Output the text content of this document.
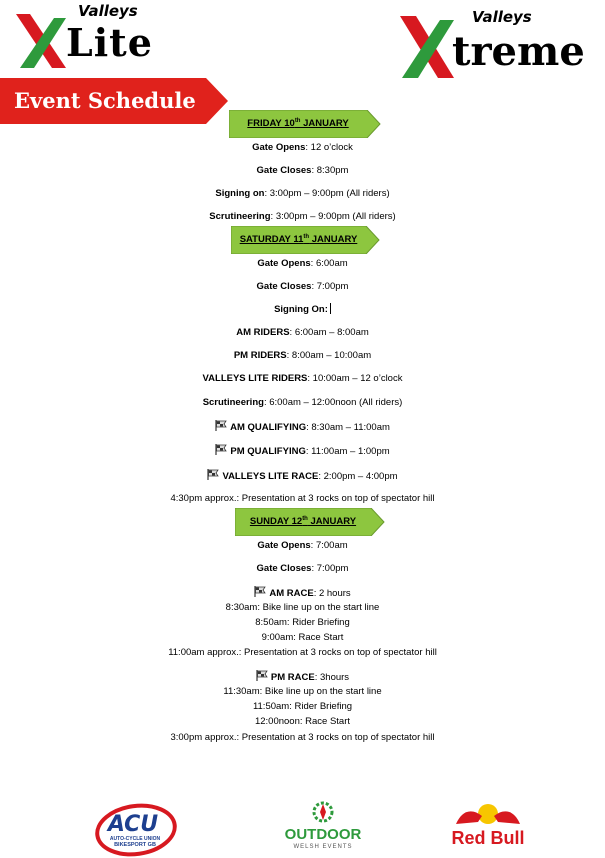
Valleys
Lite
Valleys
treme
Event Schedule
FRIDAY 10th JANUARY
Gate Opens: 12 o’clock
Gate Closes: 8:30pm
Signing on: 3:00pm – 9:00pm (All riders)
Scrutineering: 3:00pm – 9:00pm (All riders)
SATURDAY 11th JANUARY
Gate Opens: 6:00am
Gate Closes: 7:00pm
Signing On:
AM RIDERS: 6:00am – 8:00am
PM RIDERS: 8:00am – 10:00am
VALLEYS LITE RIDERS: 10:00am – 12 o’clock
Scrutineering: 6:00am – 12:00noon (All riders)
AM QUALIFYING: 8:30am – 11:00am
PM QUALIFYING: 11:00am – 1:00pm
VALLEYS LITE RACE: 2:00pm – 4:00pm
4:30pm approx.: Presentation at 3 rocks on top of spectator hill
SUNDAY 12th JANUARY
Gate Opens: 7:00am
Gate Closes: 7:00pm
AM RACE: 2 hours
8:30am: Bike line up on the start line
8:50am: Rider Briefing
9:00am: Race Start
11:00am approx.: Presentation at 3 rocks on top of spectator hill
PM RACE: 3hours
11:30am: Bike line up on the start line
11:50am: Rider Briefing
12:00noon: Race Start
3:00pm approx.: Presentation at 3 rocks on top of spectator hill
ACU
AUTO-CYCLE UNION
BIKESPORT GB
OUTDOOR
WELSH EVENTS	Red Bull
